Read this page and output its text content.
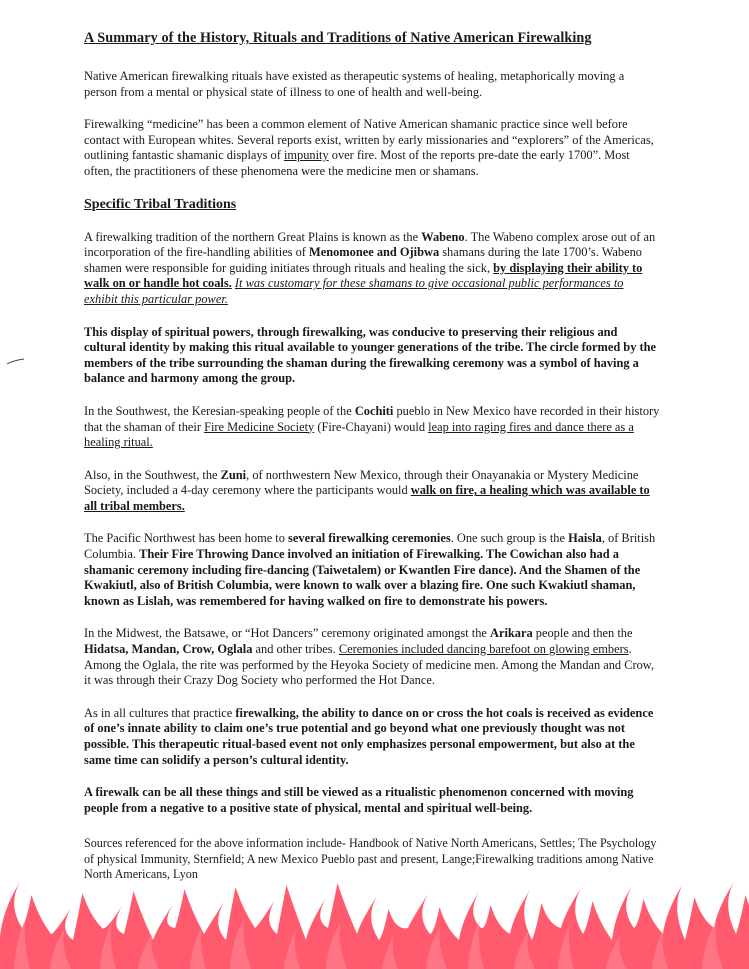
A Summary of the History, Rituals and Traditions of Native American Firewalking

Native American firewalking rituals have existed as therapeutic systems of healing, metaphorically moving a person from a mental or physical state of illness to one of health and well-being.

Firewalking “medicine” has been a common element of Native American shamanic practice since well before contact with European whites. Several reports exist, written by early missionaries and “explorers” of the Americas, outlining fantastic shamanic displays of impunity over fire. Most of the reports pre-date the early 1700”. Most often, the practitioners of these phenomena were the medicine men or shamans.

Specific Tribal Traditions

A firewalking tradition of the northern Great Plains is known as the Wabeno. The Wabeno complex arose out of an incorporation of the fire-handling abilities of Menomonee and Ojibwa shamans during the late 1700’s. Wabeno shamen were responsible for guiding initiates through rituals and healing the sick, by displaying their ability to walk on or handle hot coals. It was customary for these shamans to give occasional public performances to exhibit this particular power.

This display of spiritual powers, through firewalking, was conducive to preserving their religious and cultural identity by making this ritual available to younger generations of the tribe. The circle formed by the members of the tribe surrounding the shaman during the firewalking ceremony was a symbol of having a balance and harmony among the group.

In the Southwest, the Keresian-speaking people of the Cochiti pueblo in New Mexico have recorded in their history that the shaman of their Fire Medicine Society (Fire-Chayani) would leap into raging fires and dance there as a healing ritual.

Also, in the Southwest, the Zuni, of northwestern New Mexico, through their Onayanakia or Mystery Medicine Society, included a 4-day ceremony where the participants would walk on fire, a healing which was available to all tribal members.

The Pacific Northwest has been home to several firewalking ceremonies. One such group is the Haisla, of British Columbia. Their Fire Throwing Dance involved an initiation of Firewalking. The Cowichan also had a shamanic ceremony including fire-dancing (Taiwetalem) or Kwantlen Fire dance). And the Shamen of the Kwakiutl, also of British Columbia, were known to walk over a blazing fire. One such Kwakiutl shaman, known as Lislah, was remembered for having walked on fire to demonstrate his powers.

In the Midwest, the Batsawe, or “Hot Dancers” ceremony originated amongst the Arikara people and then the Hidatsa, Mandan, Crow, Oglala and other tribes. Ceremonies included dancing barefoot on glowing embers. Among the Oglala, the rite was performed by the Heyoka Society of medicine men. Among the Mandan and Crow, it was through their Crazy Dog Society who performed the Hot Dance.

As in all cultures that practice firewalking, the ability to dance on or cross the hot coals is received as evidence of one’s innate ability to claim one’s true potential and go beyond what one previously thought was not possible. This therapeutic ritual-based event not only emphasizes personal empowerment, but also at the same time can solidify a person’s cultural identity.

A firewalk can be all these things and still be viewed as a ritualistic phenomenon concerned with moving people from a negative to a positive state of physical, mental and spiritual well-being.

Sources referenced for the above information include- Handbook of Native North Americans, Settles; The Psychology of physical Immunity, Sternfield; A new Mexico Pueblo past and present, Lange;Firewalking traditions among Native North Americans, Lyon
